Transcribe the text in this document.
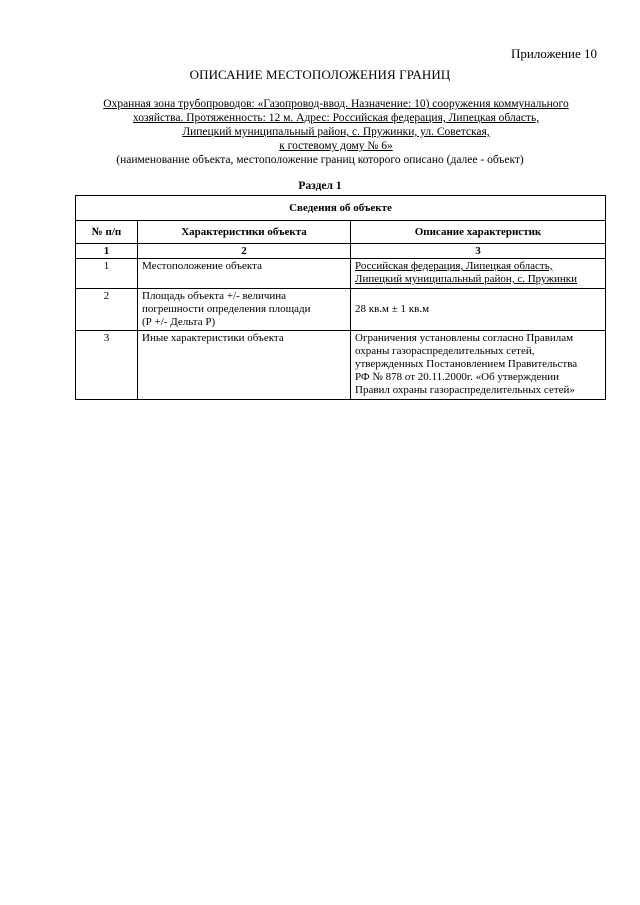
Приложение 10
ОПИСАНИЕ МЕСТОПОЛОЖЕНИЯ ГРАНИЦ
Охранная зона трубопроводов: «Газопровод-ввод. Назначение: 10) сооружения коммунального
хозяйства. Протяженность: 12 м. Адрес: Российская федерация, Липецкая область,
Липецкий муниципальный район, с. Пружинки, ул. Советская,
к гостевому дому № 6»
(наименование объекта, местоположение границ которого описано (далее - объект)
Раздел 1
Сведения об объекте		
№ п/п	Характеристики объекта	Описание характеристик
1	2	3
1	Местоположение объекта	Российская федерация, Липецкая область,
Липецкий муниципальный район, с. Пружинки

2	Площадь объекта +/- величина
погрешности определения площади
(Р +/- Дельта Р)	28 кв.м ± 1 кв.м

3	Иные характеристики объекта	Ограничения установлены согласно Правилам
охраны газораспределительных сетей,
утвержденных Постановлением Правительства
РФ № 878 от 20.11.2000г. «Об утверждении
Правил охраны газораспределительных сетей»
